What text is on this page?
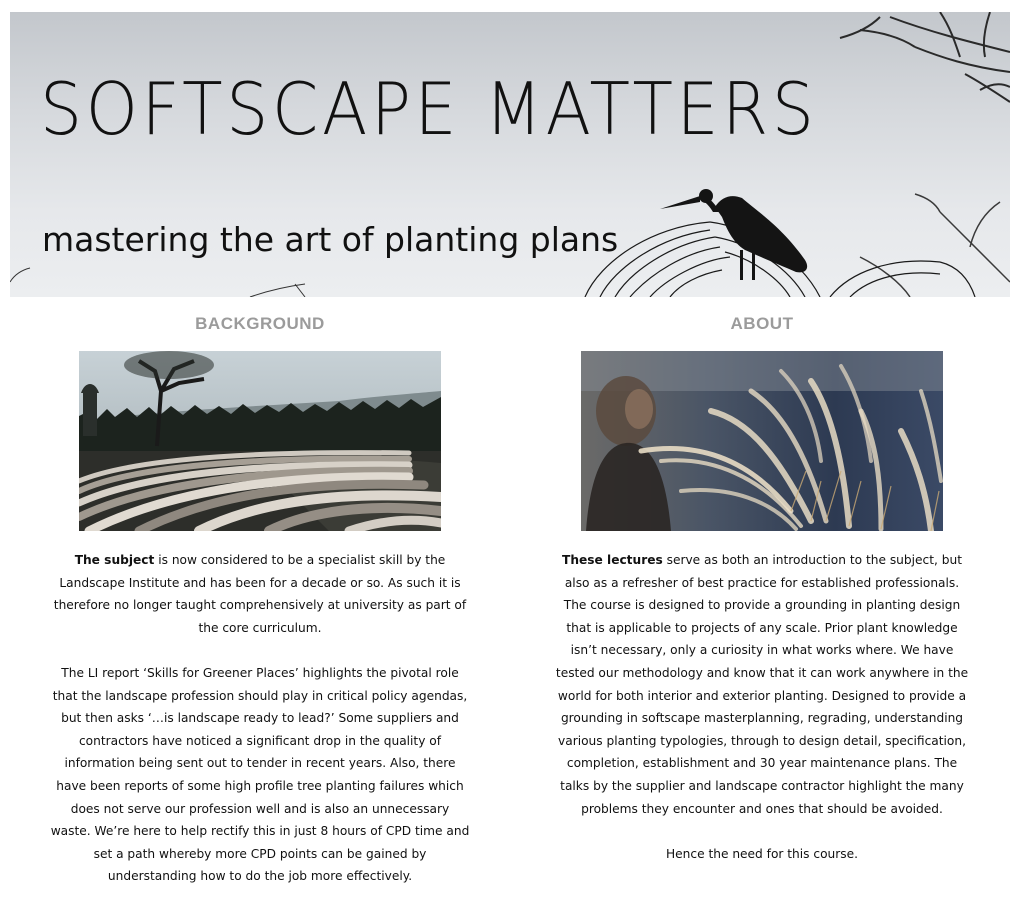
SOFTSCAPE MATTERS
mastering the art of planting plans
BACKGROUND

The subject is now considered to be a specialist skill by the Landscape Institute and has been for a decade or so. As such it is therefore no longer taught comprehensively at university as part of the core curriculum.

The LI report ‘Skills for Greener Places’ highlights the pivotal role that the landscape profession should play in critical policy agendas, but then asks ‘…is landscape ready to lead?’ Some suppliers and contractors have noticed a significant drop in the quality of information being sent out to tender in recent years. Also, there have been reports of some high profile tree planting failures which does not serve our profession well and is also an unnecessary waste. We’re here to help rectify this in just 8 hours of CPD time and set a path whereby more CPD points can be gained by understanding how to do the job more effectively.

ABOUT

These lectures serve as both an introduction to the subject, but also as a refresher of best practice for established professionals. The course is designed to provide a grounding in planting design that is applicable to projects of any scale. Prior plant knowledge isn’t necessary, only a curiosity in what works where. We have tested our methodology and know that it can work anywhere in the world for both interior and exterior planting. Designed to provide a grounding in softscape masterplanning, regrading, understanding various planting typologies, through to design detail, specification, completion, establishment and 30 year maintenance plans. The talks by the supplier and landscape contractor highlight the many problems they encounter and ones that should be avoided.

Hence the need for this course.
